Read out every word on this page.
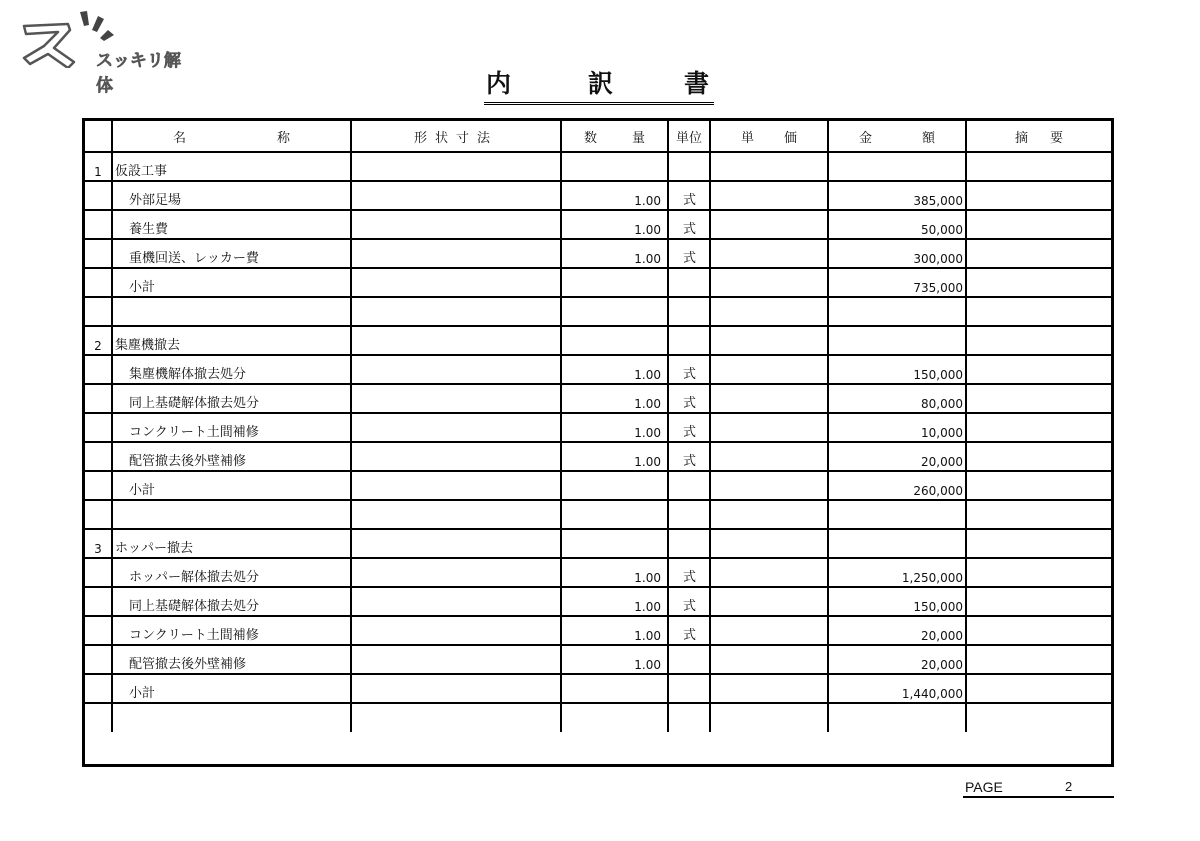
スッキリ解体	内	訳	書

	名 称	形状寸法	数 量	単位	単 価	金 額	摘 要

1	仮設工事						
	外部足場		1.00	式		385,000	
	養生費		1.00	式		50,000	
	重機回送、レッカー費		1.00	式		300,000	
	小計					735,000	

2	集塵機撤去						
	集塵機解体撤去処分		1.00	式		150,000	
	同上基礎解体撤去処分		1.00	式		80,000	
	コンクリート土間補修		1.00	式		10,000	
	配管撤去後外壁補修		1.00	式		20,000	
	小計					260,000	

3	ホッパー撤去						
	ホッパー解体撤去処分		1.00	式		1,250,000	
	同上基礎解体撤去処分		1.00	式		150,000	
	コンクリート土間補修		1.00	式		20,000	
	配管撤去後外壁補修		1.00			20,000	
	小計					1,440,000	

PAGE	2
